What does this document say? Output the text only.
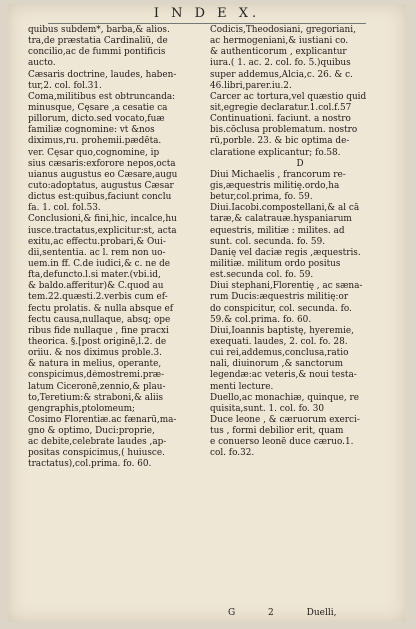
I N D E X.
quibus subdem*, barba,& alios.
tra,de præstatia Cardinaliū, de
concilio,ac de fummi pontificis
aucto.
Cæsaris doctrine, laudes, haben-
tur,2. col. fol.31.
Coma,militibus est obtruncanda:
minusque, Cęsare ,a cesatie ca
pillorum, dicto.sed vocato,fuæ
familiæ cognomine: vt &nos
diximus,ru. prohemii.pædēta.
ver. Cęsar quo,cognomine, ip
sius cæsaris:exforore nepos,octa
uianus augustus eo Cæsare,augu
cuto:adoptatus, augustus Cæsar
dictus est:quibus,faciunt conclu
fa. 1. col. fol.53.
Conclusioni,& fini,hic, incalce,hu
iusce.tractatus,explicitur:st, acta
exitu,ac effectu.probari,& Oui-
dii,sententia. ac l. rem non uo-
uem.in ff. C.de iudici,& c. ne de
fta,defuncto.l.si mater.(vbi.id,
& baldo.afferitur)& C.quod au
tem.22.quæsti.2.verbis cum ef-
fectu prolatis. & nulla absque ef
fectu causa,nullaque, absq; ope
ribus fide nullaque , fine pracxi
theorica. §.[post originē,l.2. de
oriiu. & nos diximus proble.3.
& natura in melius, operante,
conspicimus,démostremi.præ-
latum Ciceronē,zennio,& plau-
to,Teretium:& straboni,& aliis
gengraphis,ptolomeum;
Cosimo Florentiæ.ac fænarū,ma-
gno & optimo, Duci:proprie,
ac debite,celebrate laudes ,ap-
positas conspicimus,( huiusce.
tractatus),col.prima. fo. 60.
Codicis,Theodosiani, gregoriani,
ac hermogeniani,& iustiani co.
& authenticorum , explicantur
iura.( 1. ac. 2. col. fo. 5.)quibus
super addemus,Alcia,c. 26. & c.
46.libri,parer.iu.2.
Carcer ac tortura,vel quæstio quid
sit,egregie declaratur.1.col.f.57
Continuationi. faciunt. a nostro
bis.cōclusa problematum. nostro
rū,porble. 23. & bic optima de-
claratione explicantur; fo.58.
D
Diui Michaelis , francorum re-
gis,æquestris militię.ordo,ha
betur,col.prima, fo. 59.
Diui.Iacobi.compostellani,& al cā
taræ,& calatrauæ.hyspaniarum
equestris, militiæ : milites. ad
sunt. col. secunda. fo. 59.
Danię vel daciæ regis ,æquestris.
militiæ. militum ordo positus
est.secunda col. fo. 59.
Diui stephani,Florentię , ac sæna-
rum Ducis:æquestris militię:or
do conspicitur, col. secunda. fo.
59.& col.prima. fo. 60.
Diui,Ioannis baptistę, hyeremie,
exequati. laudes, 2. col. fo. 28.
cui rei,addemus,conclusa,ratio
nali, diuinorum ,& sanctorum
legendæ:ac veteris,& noui testa-
menti lecture.
Duello,ac monachiæ, quinque, re
quisita,sunt. 1. col. fo. 30
Duce leone , & cæruorum exerci-
tus , formi debilior erit, quam
e conuerso leonē duce cæruo.1.
col. fo.32.
G 2 Duelli,
